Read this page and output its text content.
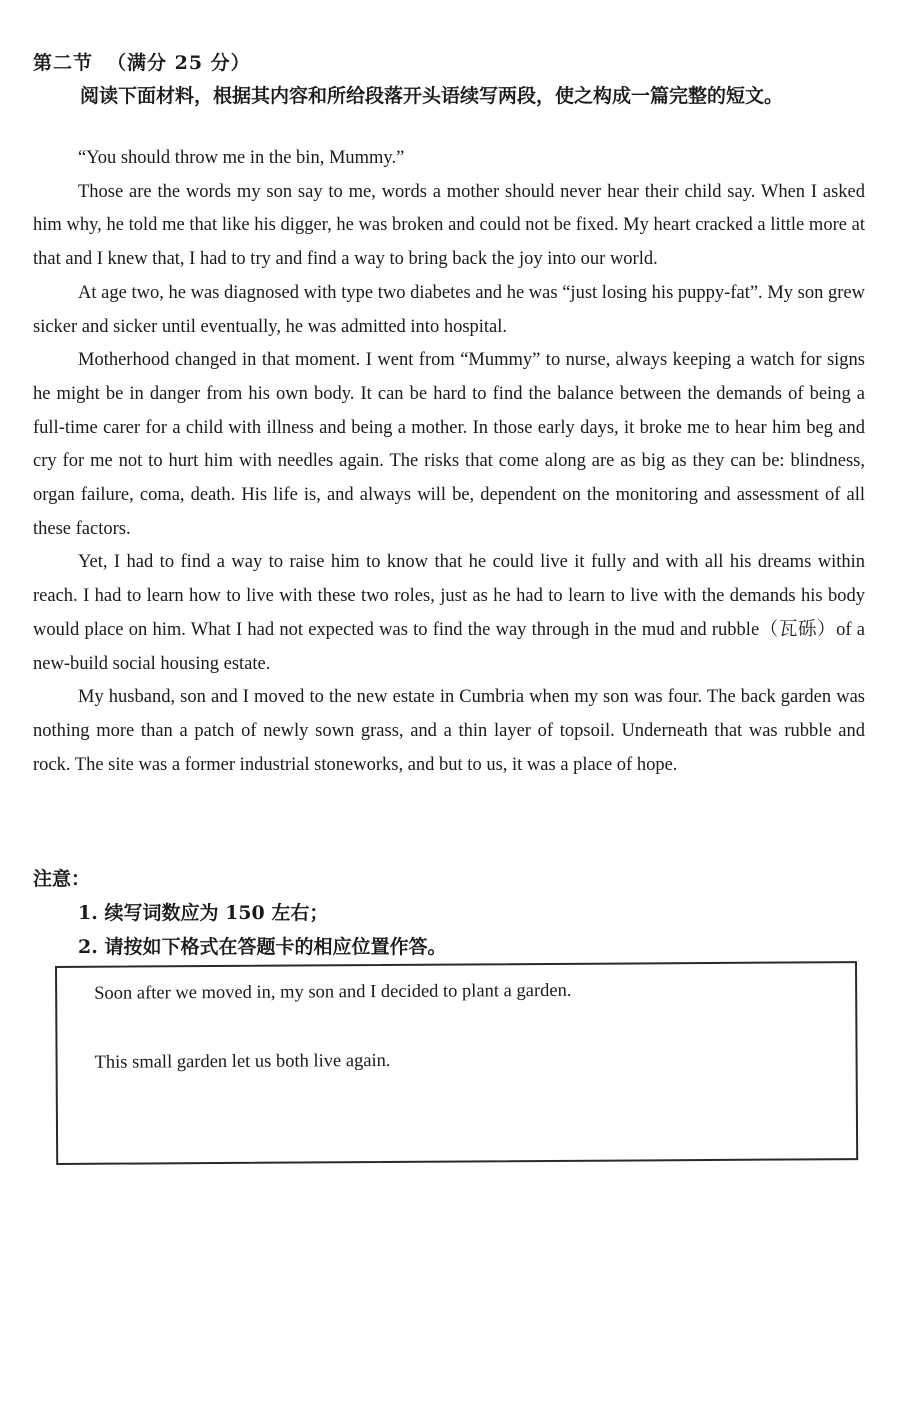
第二节 （满分 25 分）
阅读下面材料，根据其内容和所给段落开头语续写两段，使之构成一篇完整的短文。

“You should throw me in the bin, Mummy.”

Those are the words my son say to me, words a mother should never hear their child say. When I asked him why, he told me that like his digger, he was broken and could not be fixed. My heart cracked a little more at that and I knew that, I had to try and find a way to bring back the joy into our world.

At age two, he was diagnosed with type two diabetes and he was “just losing his puppy-fat”. My son grew sicker and sicker until eventually, he was admitted into hospital.

Motherhood changed in that moment. I went from “Mummy” to nurse, always keeping a watch for signs he might be in danger from his own body. It can be hard to find the balance between the demands of being a full-time carer for a child with illness and being a mother. In those early days, it broke me to hear him beg and cry for me not to hurt him with needles again. The risks that come along are as big as they can be: blindness, organ failure, coma, death. His life is, and always will be, dependent on the monitoring and assessment of all these factors.

Yet, I had to find a way to raise him to know that he could live it fully and with all his dreams within reach. I had to learn how to live with these two roles, just as he had to learn to live with the demands his body would place on him. What I had not expected was to find the way through in the mud and rubble（瓦砾）of a new-build social housing estate.

My husband, son and I moved to the new estate in Cumbria when my son was four. The back garden was nothing more than a patch of newly sown grass, and a thin layer of topsoil. Underneath that was rubble and rock. The site was a former industrial stoneworks, and but to us, it was a place of hope.

注意：
1. 续写词数应为 150 左右；
2. 请按如下格式在答题卡的相应位置作答。
Soon after we moved in, my son and I decided to plant a garden.
This small garden let us both live again.
